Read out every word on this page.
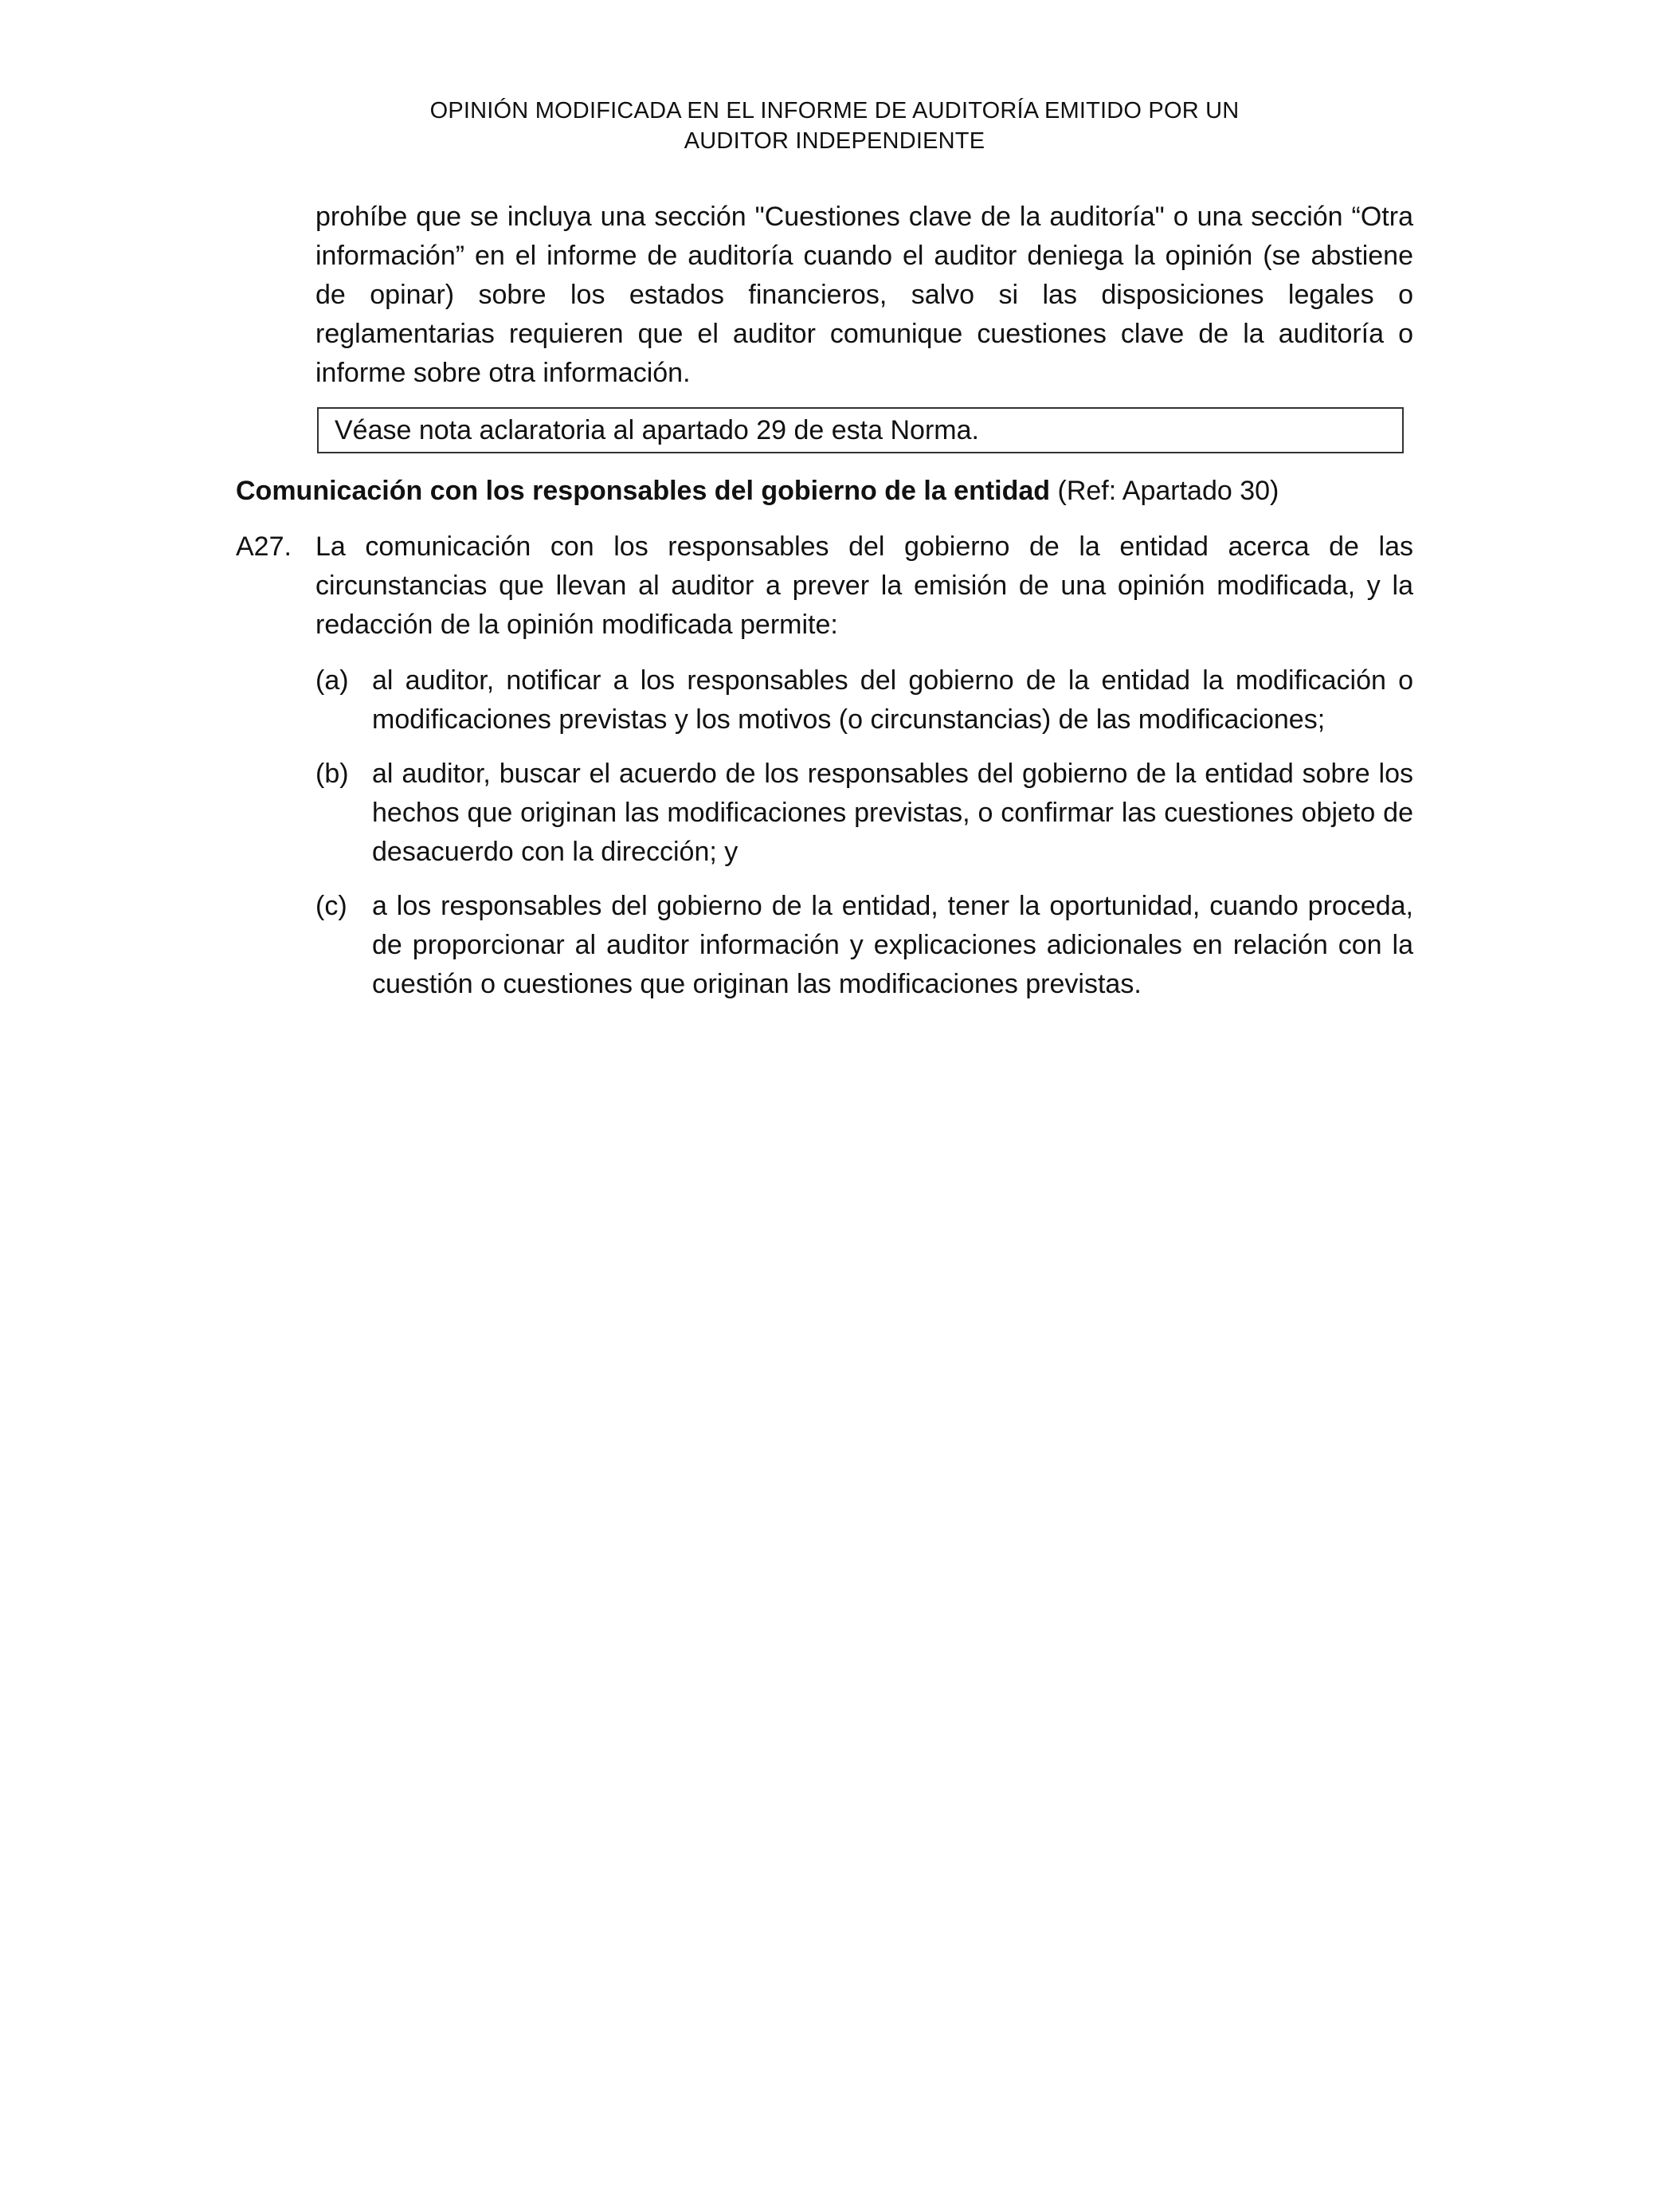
OPINIÓN MODIFICADA EN EL INFORME DE AUDITORÍA EMITIDO POR UN
AUDITOR INDEPENDIENTE
prohíbe que se incluya una sección "Cuestiones clave de la auditoría" o una sección “Otra información” en el informe de auditoría cuando el auditor deniega la opinión (se abstiene de opinar) sobre los estados financieros, salvo si las disposiciones legales o reglamentarias requieren que el auditor comunique cuestiones clave de la auditoría o informe sobre otra información.
Véase nota aclaratoria al apartado 29 de esta Norma.
Comunicación con los responsables del gobierno de la entidad (Ref: Apartado 30)
A27. La comunicación con los responsables del gobierno de la entidad acerca de las circunstancias que llevan al auditor a prever la emisión de una opinión modificada, y la redacción de la opinión modificada permite:
(a) al auditor, notificar a los responsables del gobierno de la entidad la modificación o modificaciones previstas y los motivos (o circunstancias) de las modificaciones;
(b) al auditor, buscar el acuerdo de los responsables del gobierno de la entidad sobre los hechos que originan las modificaciones previstas, o confirmar las cuestiones objeto de desacuerdo con la dirección; y
(c) a los responsables del gobierno de la entidad, tener la oportunidad, cuando proceda, de proporcionar al auditor información y explicaciones adicionales en relación con la cuestión o cuestiones que originan las modificaciones previstas.
